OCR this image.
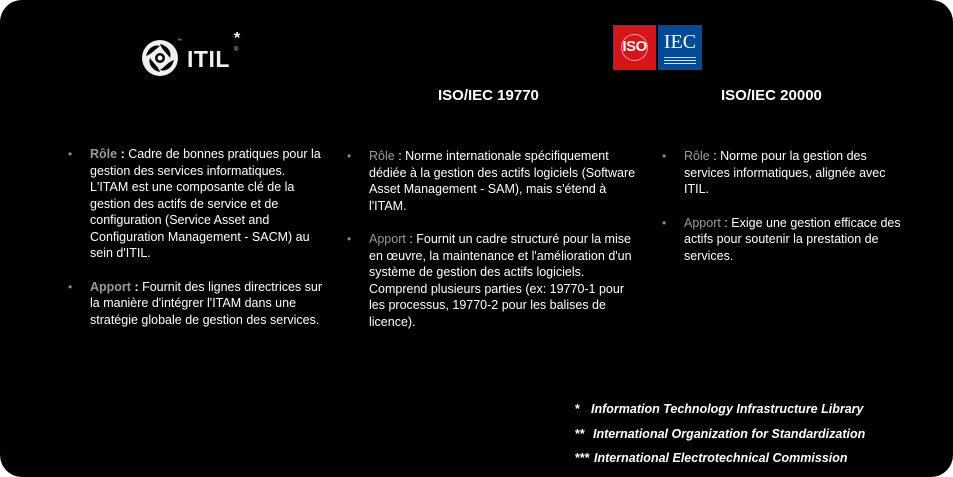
™
ITIL ®
*	ISO IEC
ISO/IEC 19770	ISO/IEC 20000
• Rôle : Cadre de bonnes pratiques pour la gestion des services informatiques. L'ITAM est une composante clé de la gestion des actifs de service et de configuration (Service Asset and Configuration Management - SACM) au sein d'ITIL.
• Apport : Fournit des lignes directrices sur la manière d'intégrer l'ITAM dans une stratégie globale de gestion des services.
• Rôle : Norme internationale spécifiquement dédiée à la gestion des actifs logiciels (Software Asset Management - SAM), mais s'étend à l'ITAM.
• Apport : Fournit un cadre structuré pour la mise en œuvre, la maintenance et l'amélioration d'un système de gestion des actifs logiciels. Comprend plusieurs parties (ex: 19770-1 pour les processus, 19770-2 pour les balises de licence).
• Rôle : Norme pour la gestion des services informatiques, alignée avec ITIL.
• Apport : Exige une gestion efficace des actifs pour soutenir la prestation de services.
* Information Technology Infrastructure Library
** International Organization for Standardization
*** International Electrotechnical Commission
